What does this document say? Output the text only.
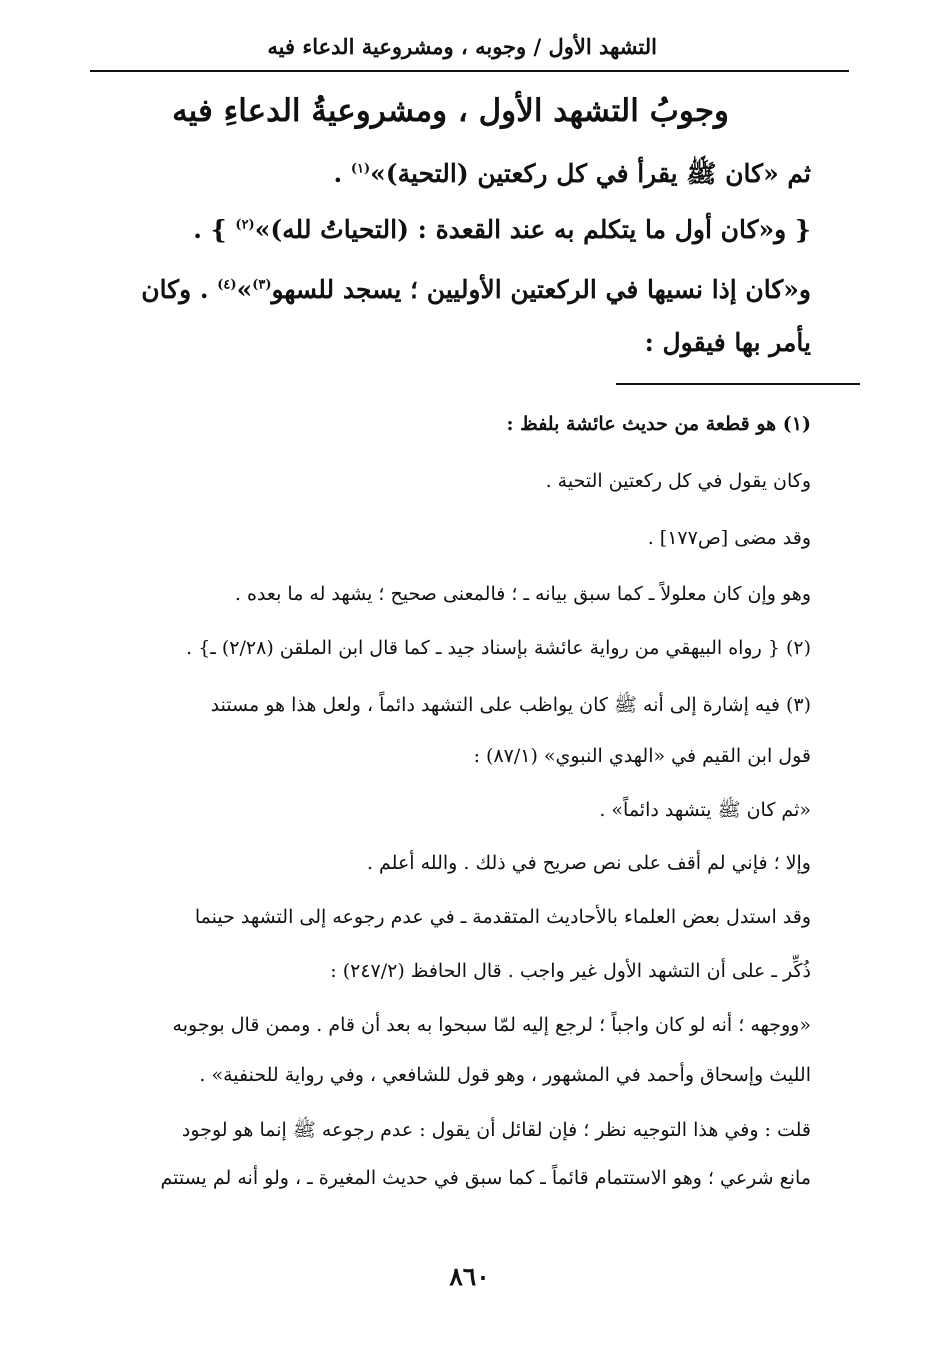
التشهد الأول / وجوبه ، ومشروعية الدعاء فيه
وجوبُ التشهد الأول ، ومشروعيةُ الدعاءِ فيه
ثم «كان ﷺ يقرأ في كل ركعتين (التحية)»$^{(١)}$ .
{ و«كان أول ما يتكلم به عند القعدة : (التحياتُ لله)»$^{(٢)}$ } .
و«كان إذا نسيها في الركعتين الأوليين ؛ يسجد للسهو$^{(٣)}$»$^{(٤)}$ . وكان
يأمر بها فيقول :
(١) هو قطعة من حديث عائشة بلفظ :
وكان يقول في كل ركعتين التحية .
وقد مضى [ص١٧٧] .
وهو وإن كان معلولاً ـ كما سبق بيانه ـ ؛ فالمعنى صحيح ؛ يشهد له ما بعده .
(٢) { رواه البيهقي من رواية عائشة بإسناد جيد ـ كما قال ابن الملقن (٢/٢٨) ـ} .
(٣) فيه إشارة إلى أنه ﷺ كان يواظب على التشهد دائماً ، ولعل هذا هو مستند
قول ابن القيم في «الهدي النبوي» (٨٧/١) :
«ثم كان ﷺ يتشهد دائماً» .
وإلا ؛ فإني لم أقف على نص صريح في ذلك . والله أعلم .
وقد استدل بعض العلماء بالأحاديث المتقدمة ـ في عدم رجوعه إلى التشهد حينما
ذُكِّر ـ على أن التشهد الأول غير واجب . قال الحافظ (٢٤٧/٢) :
«ووجهه ؛ أنه لو كان واجباً ؛ لرجع إليه لمّا سبحوا به بعد أن قام . وممن قال بوجوبه
الليث وإسحاق وأحمد في المشهور ، وهو قول للشافعي ، وفي رواية للحنفية» .
قلت : وفي هذا التوجيه نظر ؛ فإن لقائل أن يقول : عدم رجوعه ﷺ إنما هو لوجود
مانع شرعي ؛ وهو الاستتمام قائماً ـ كما سبق في حديث المغيرة ـ ، ولو أنه لم يستتم
٨٦٠
